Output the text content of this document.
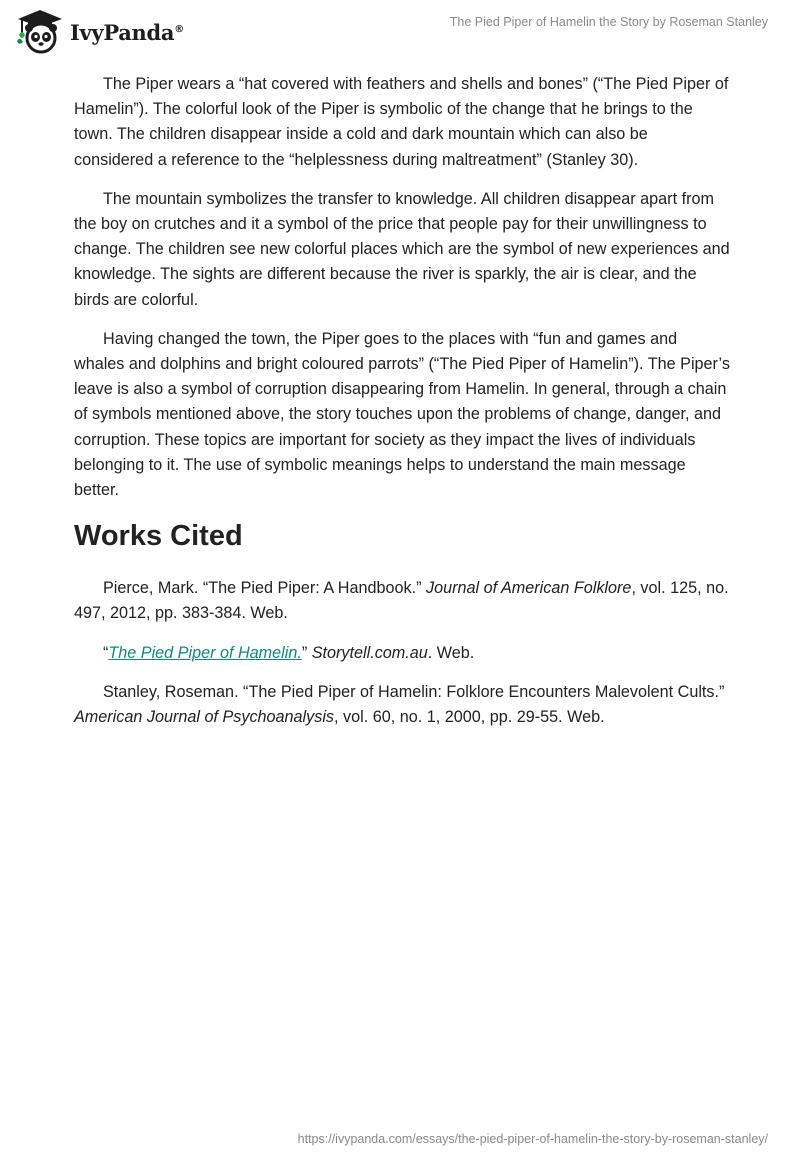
IvyPanda®	The Pied Piper of Hamelin the Story by Roseman Stanley

The Piper wears a “hat covered with feathers and shells and bones” (“The Pied Piper of Hamelin”). The colorful look of the Piper is symbolic of the change that he brings to the town. The children disappear inside a cold and dark mountain which can also be considered a reference to the “helplessness during maltreatment” (Stanley 30).

The mountain symbolizes the transfer to knowledge. All children disappear apart from the boy on crutches and it a symbol of the price that people pay for their unwillingness to change. The children see new colorful places which are the symbol of new experiences and knowledge. The sights are different because the river is sparkly, the air is clear, and the birds are colorful.

Having changed the town, the Piper goes to the places with “fun and games and whales and dolphins and bright coloured parrots” (“The Pied Piper of Hamelin”). The Piper’s leave is also a symbol of corruption disappearing from Hamelin. In general, through a chain of symbols mentioned above, the story touches upon the problems of change, danger, and corruption. These topics are important for society as they impact the lives of individuals belonging to it. The use of symbolic meanings helps to understand the main message better.

Works Cited

Pierce, Mark. “The Pied Piper: A Handbook.” Journal of American Folklore, vol. 125, no. 497, 2012, pp. 383-384. Web.

“The Pied Piper of Hamelin.” Storytell.com.au. Web.

Stanley, Roseman. “The Pied Piper of Hamelin: Folklore Encounters Malevolent Cults.” American Journal of Psychoanalysis, vol. 60, no. 1, 2000, pp. 29-55. Web.

https://ivypanda.com/essays/the-pied-piper-of-hamelin-the-story-by-roseman-stanley/
